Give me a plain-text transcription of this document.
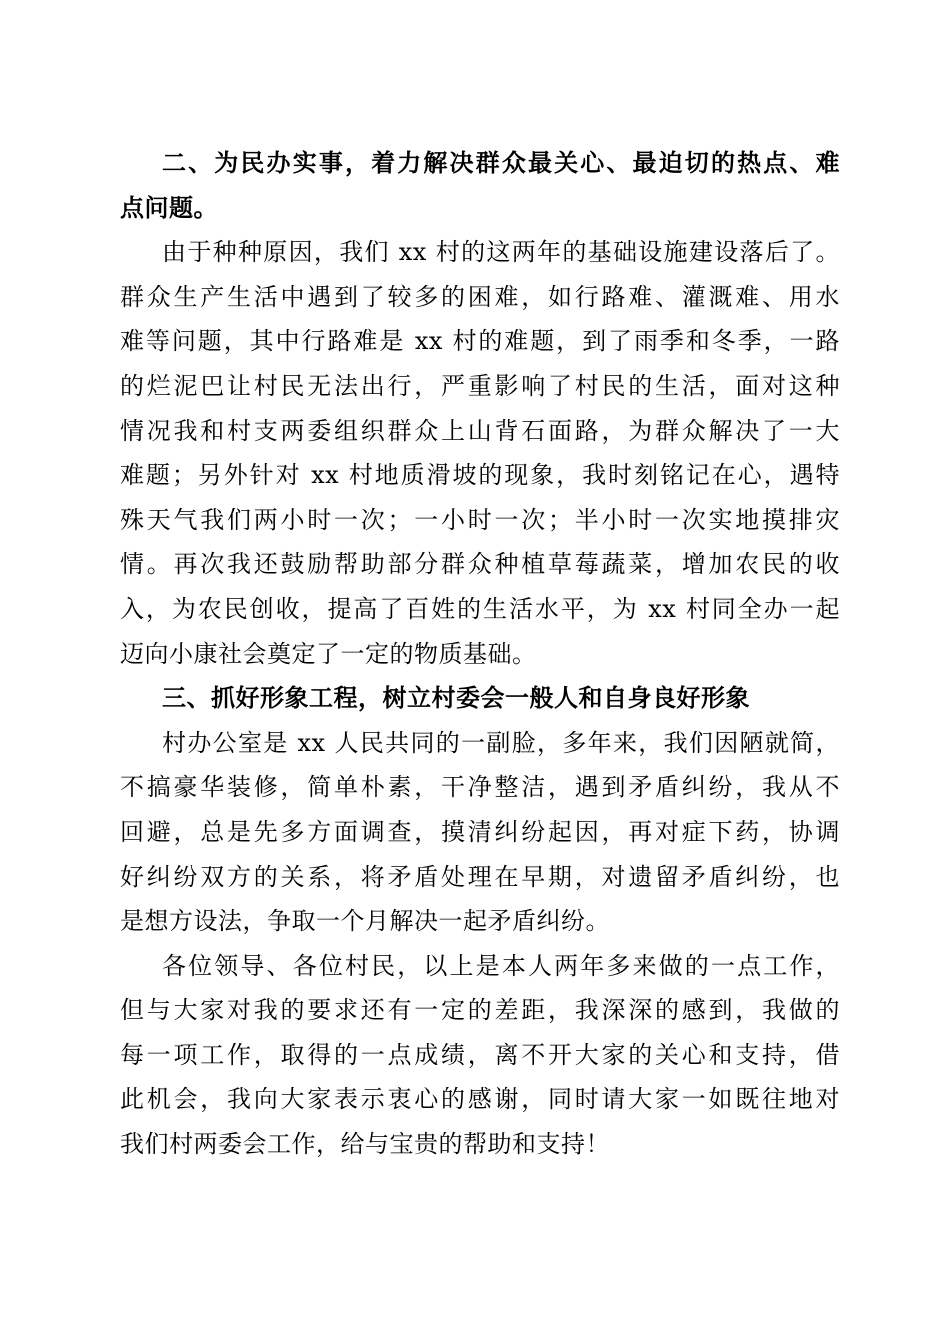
二、为民办实事，着力解决群众最关心、最迫切的热点、难
点问题。
由于种种原因，我们 xx 村的这两年的基础设施建设落后了。
群众生产生活中遇到了较多的困难，如行路难、灌溉难、用水
难等问题，其中行路难是 xx 村的难题，到了雨季和冬季，一路
的烂泥巴让村民无法出行，严重影响了村民的生活，面对这种
情况我和村支两委组织群众上山背石面路，为群众解决了一大
难题；另外针对 xx 村地质滑坡的现象，我时刻铭记在心，遇特
殊天气我们两小时一次；一小时一次；半小时一次实地摸排灾
情。再次我还鼓励帮助部分群众种植草莓蔬菜，增加农民的收
入，为农民创收，提高了百姓的生活水平，为 xx 村同全办一起
迈向小康社会奠定了一定的物质基础。
三、抓好形象工程，树立村委会一般人和自身良好形象
村办公室是 xx 人民共同的一副脸，多年来，我们因陋就简，
不搞豪华装修，简单朴素，干净整洁，遇到矛盾纠纷，我从不
回避，总是先多方面调查，摸清纠纷起因，再对症下药，协调
好纠纷双方的关系，将矛盾处理在早期，对遗留矛盾纠纷，也
是想方设法，争取一个月解决一起矛盾纠纷。
各位领导、各位村民，以上是本人两年多来做的一点工作，
但与大家对我的要求还有一定的差距，我深深的感到，我做的
每一项工作，取得的一点成绩，离不开大家的关心和支持，借
此机会，我向大家表示衷心的感谢，同时请大家一如既往地对
我们村两委会工作，给与宝贵的帮助和支持！
